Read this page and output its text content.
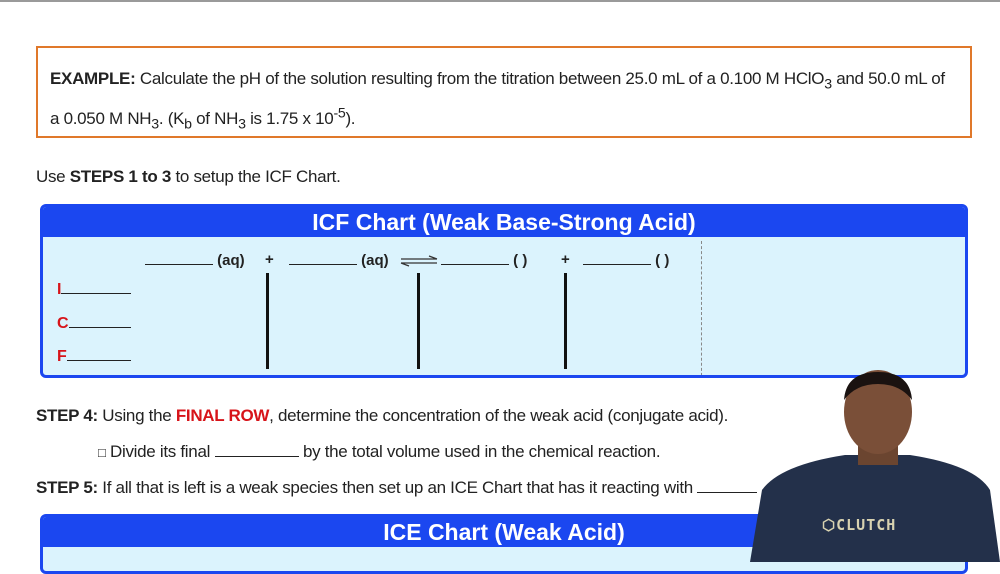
EXAMPLE: Calculate the pH of the solution resulting from the titration between 25.0 mL of a 0.100 M HClO$_3$ and 50.0 mL of a 0.050 M $NH_3$. ($K_b$ of $NH_3$ is 1.75 x $10^{-5}$).
Use STEPS 1 to 3 to setup the ICF Chart.
ICF Chart (Weak Base-Strong Acid)
(aq) +	(aq) ⇌	( ) +	( )
I
C
F
STEP 4: Using the FINAL ROW, determine the concentration of the weak acid (conjugate acid).
□ Divide its final	by the total volume used in the chemical reaction.
STEP 5: If all that is left is a weak species then set up an ICE Chart that has it reacting with
ICE Chart (Weak Acid)	⬡CLUTCH
